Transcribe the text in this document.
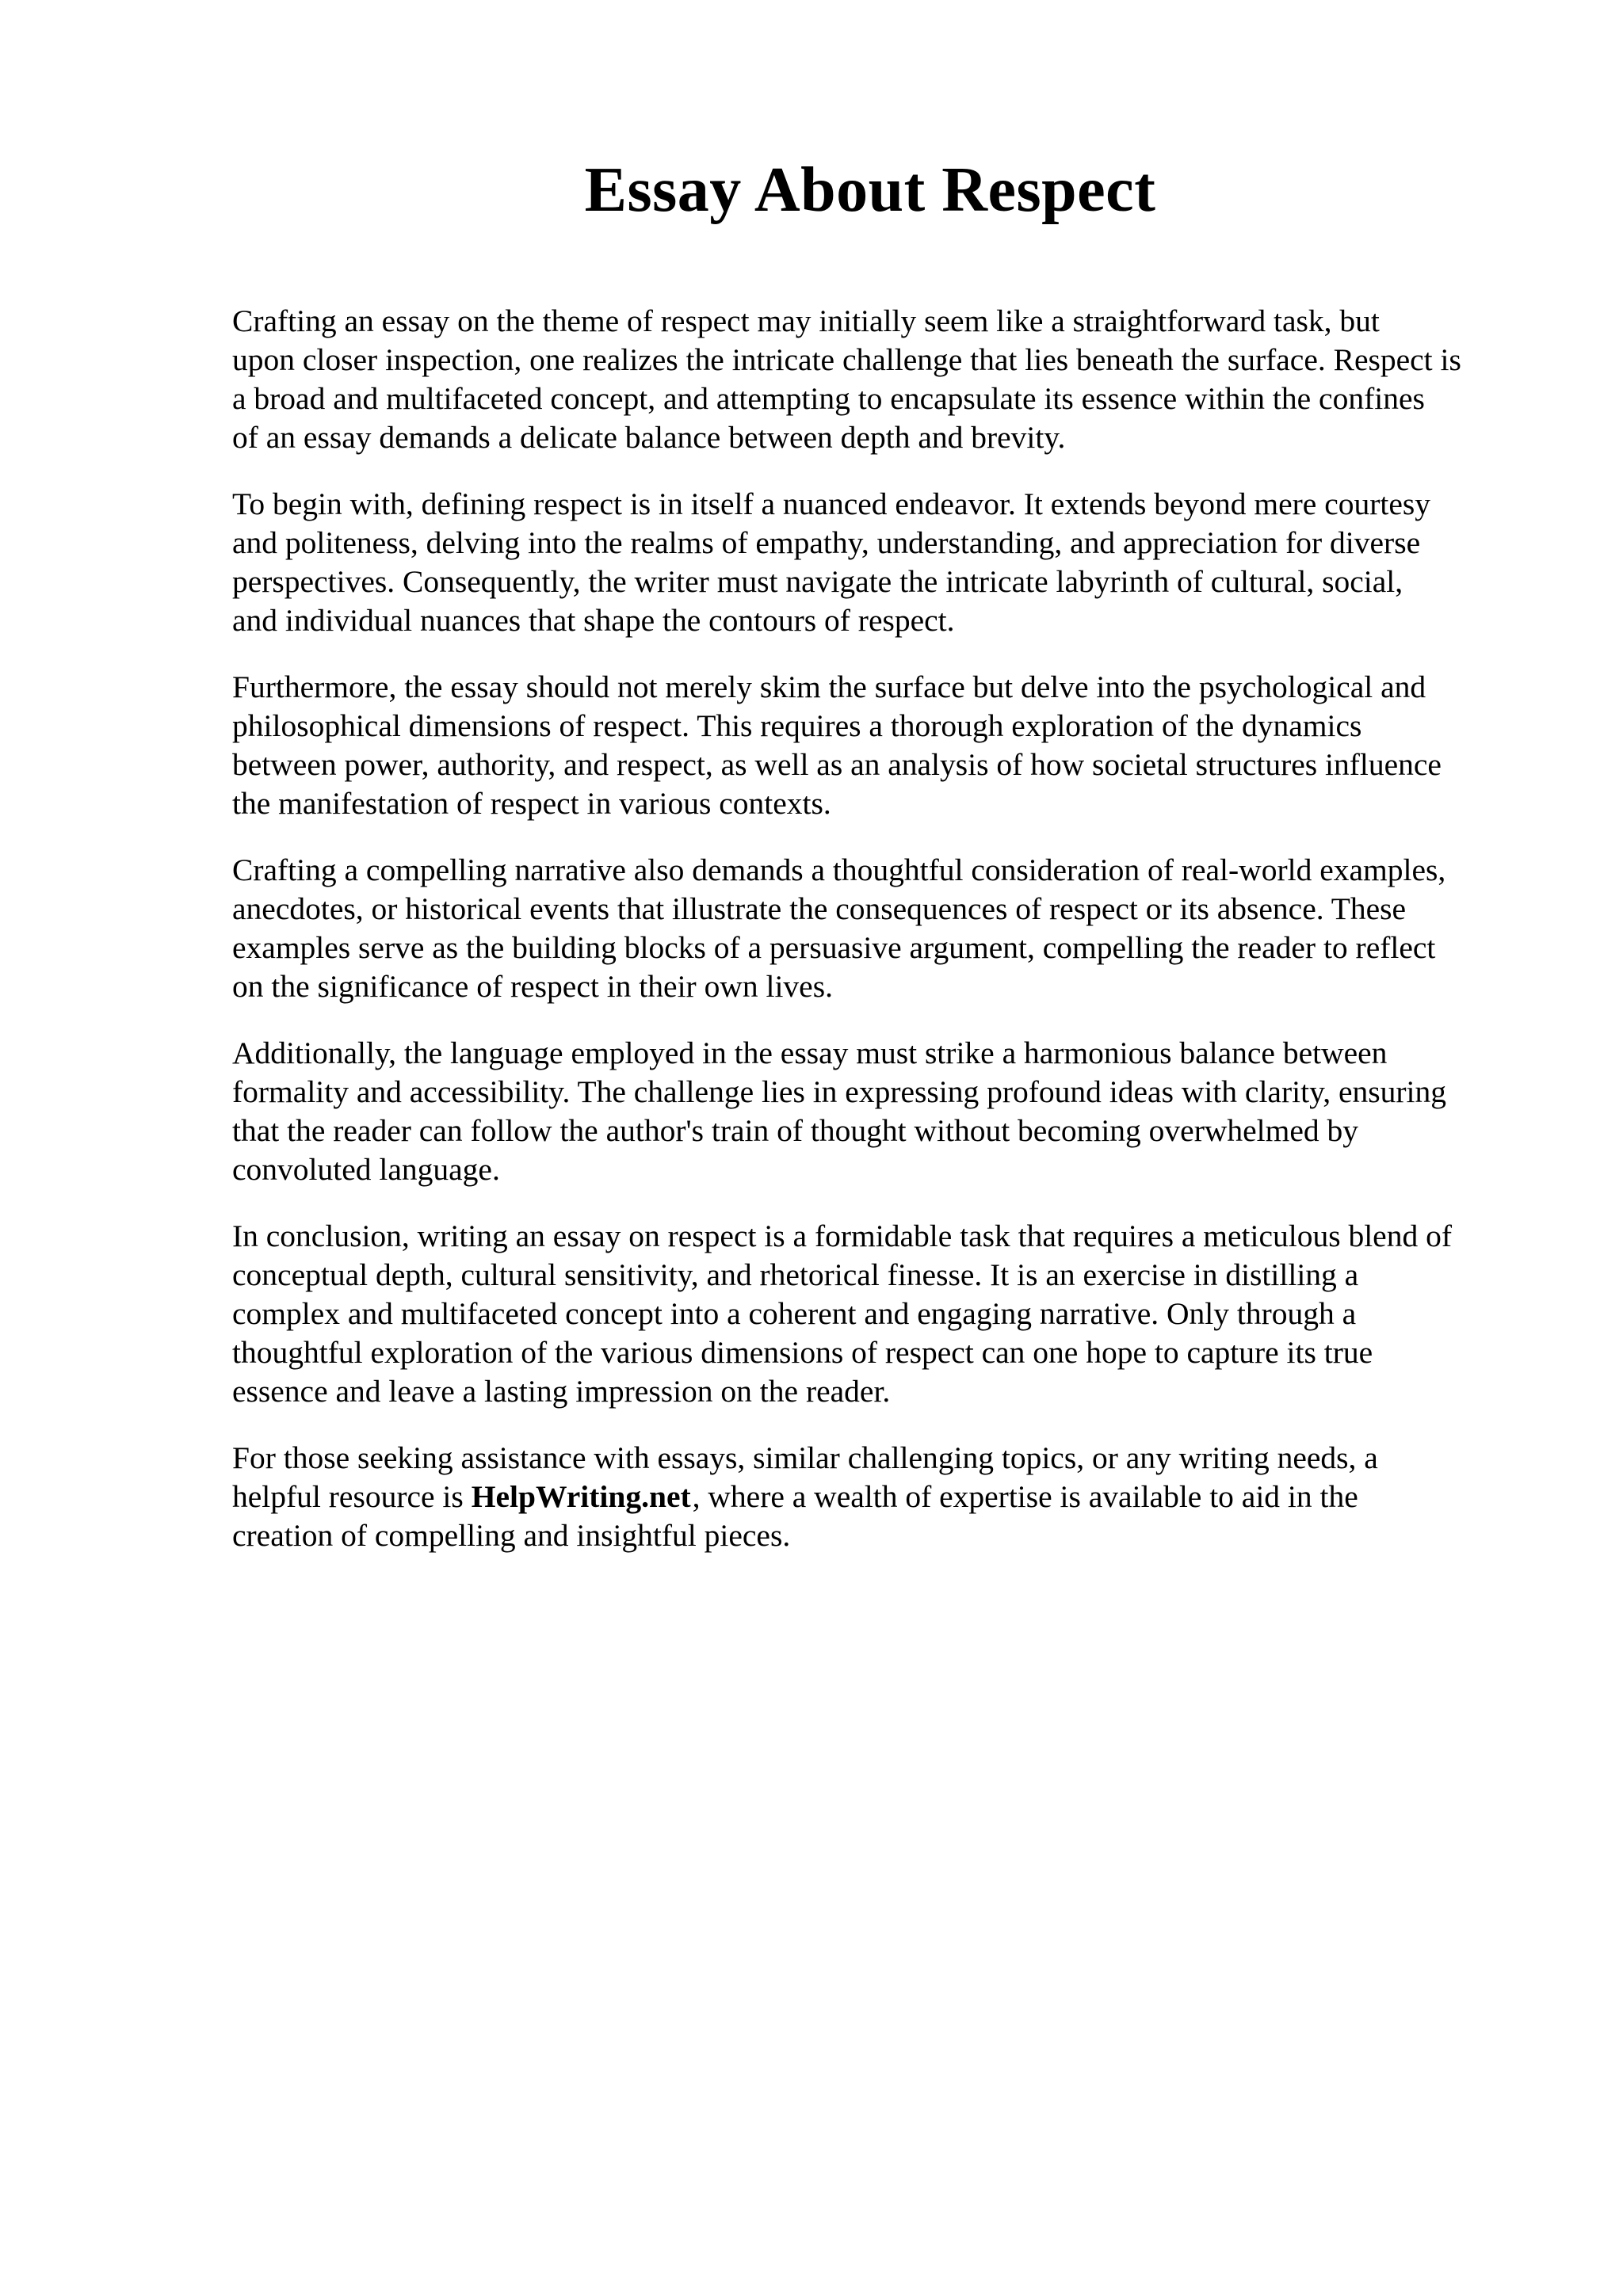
Essay About Respect

Crafting an essay on the theme of respect may initially seem like a straightforward task, but
upon closer inspection, one realizes the intricate challenge that lies beneath the surface. Respect is
a broad and multifaceted concept, and attempting to encapsulate its essence within the confines
of an essay demands a delicate balance between depth and brevity.

To begin with, defining respect is in itself a nuanced endeavor. It extends beyond mere courtesy
and politeness, delving into the realms of empathy, understanding, and appreciation for diverse
perspectives. Consequently, the writer must navigate the intricate labyrinth of cultural, social,
and individual nuances that shape the contours of respect.

Furthermore, the essay should not merely skim the surface but delve into the psychological and
philosophical dimensions of respect. This requires a thorough exploration of the dynamics
between power, authority, and respect, as well as an analysis of how societal structures influence
the manifestation of respect in various contexts.

Crafting a compelling narrative also demands a thoughtful consideration of real-world examples,
anecdotes, or historical events that illustrate the consequences of respect or its absence. These
examples serve as the building blocks of a persuasive argument, compelling the reader to reflect
on the significance of respect in their own lives.

Additionally, the language employed in the essay must strike a harmonious balance between
formality and accessibility. The challenge lies in expressing profound ideas with clarity, ensuring
that the reader can follow the author's train of thought without becoming overwhelmed by
convoluted language.

In conclusion, writing an essay on respect is a formidable task that requires a meticulous blend of
conceptual depth, cultural sensitivity, and rhetorical finesse. It is an exercise in distilling a
complex and multifaceted concept into a coherent and engaging narrative. Only through a
thoughtful exploration of the various dimensions of respect can one hope to capture its true
essence and leave a lasting impression on the reader.

For those seeking assistance with essays, similar challenging topics, or any writing needs, a
helpful resource is HelpWriting.net, where a wealth of expertise is available to aid in the
creation of compelling and insightful pieces.
